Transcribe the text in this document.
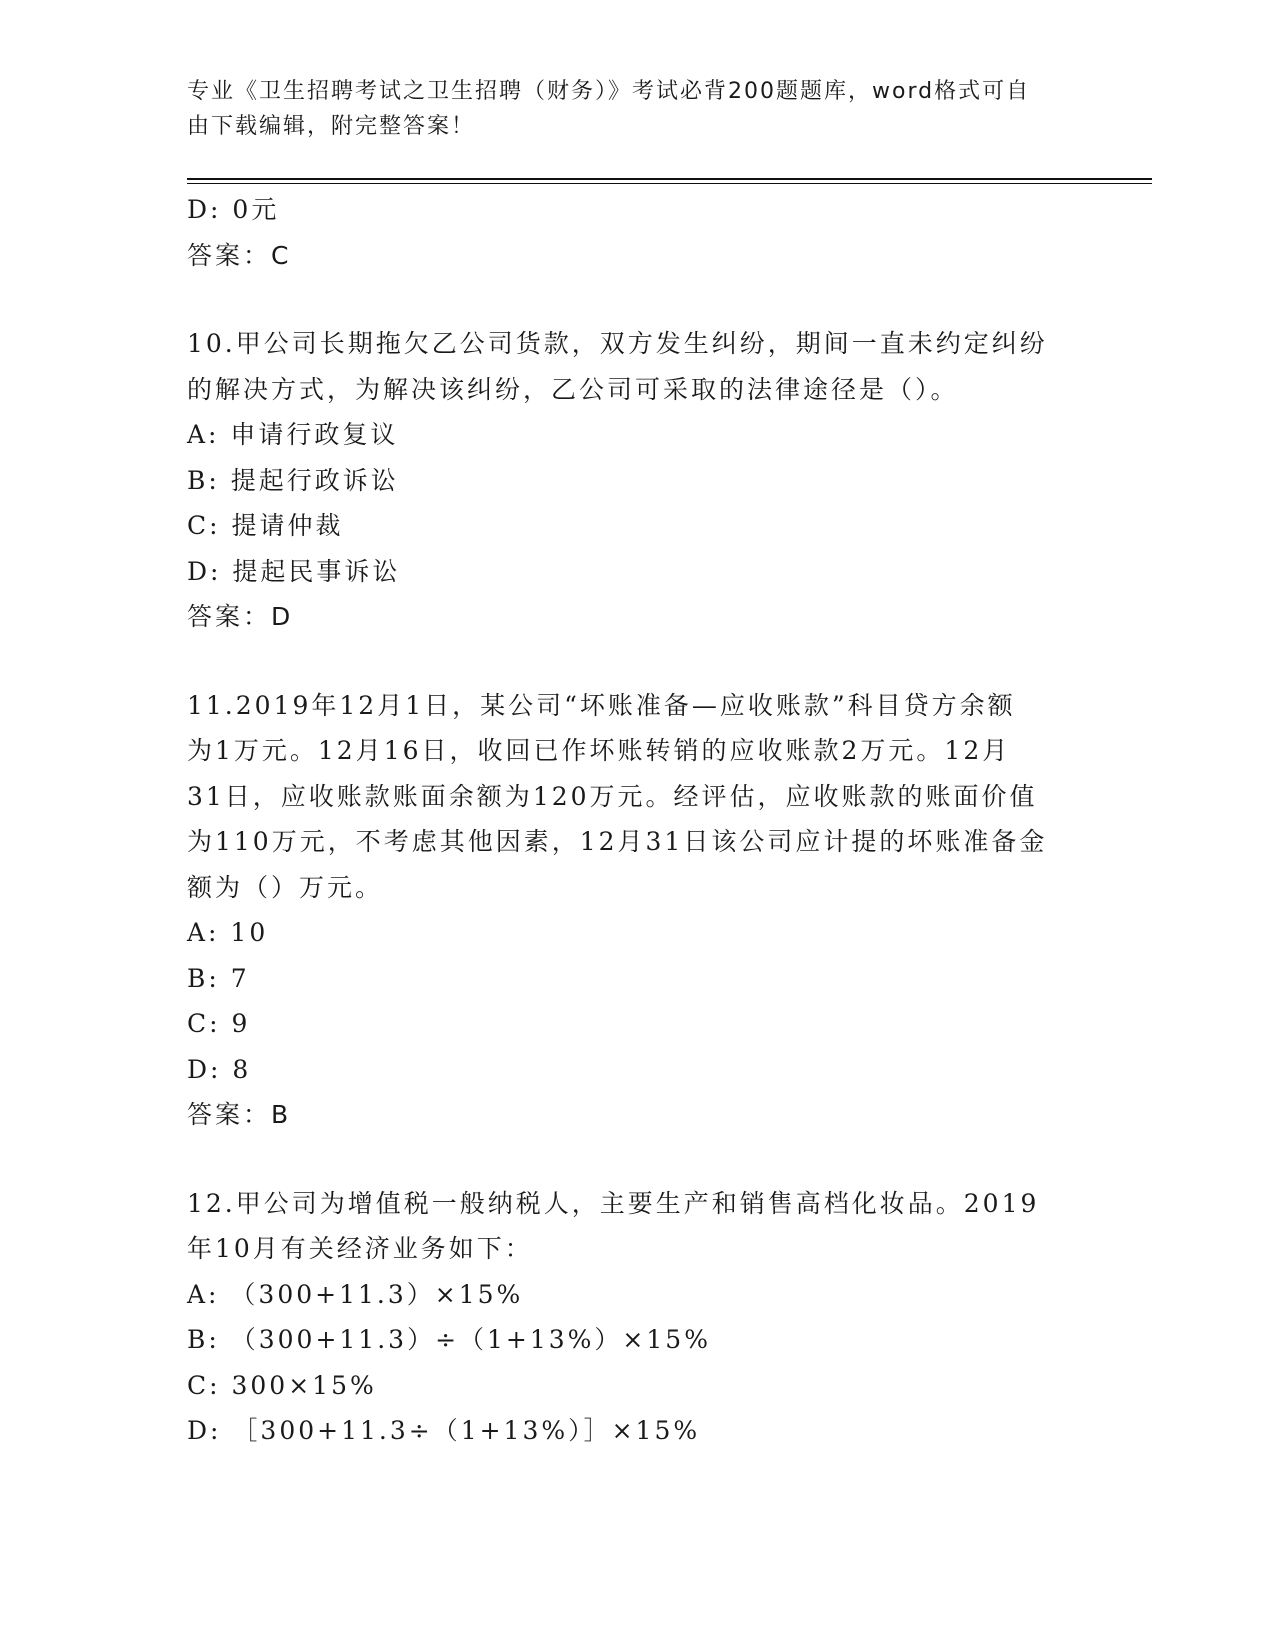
专业《卫生招聘考试之卫生招聘（财务）》考试必背200题题库，word格式可自
由下载编辑，附完整答案！
D: 0元
答案：C
10.甲公司长期拖欠乙公司货款，双方发生纠纷，期间一直未约定纠纷
的解决方式，为解决该纠纷，乙公司可采取的法律途径是（）。
A: 申请行政复议
B: 提起行政诉讼
C: 提请仲裁
D: 提起民事诉讼
答案：D
11.2019年12月1日，某公司“坏账准备—应收账款”科目贷方余额
为1万元。12月16日，收回已作坏账转销的应收账款2万元。12月
31日，应收账款账面余额为120万元。经评估，应收账款的账面价值
为110万元，不考虑其他因素，12月31日该公司应计提的坏账准备金
额为（）万元。
A: 10
B: 7
C: 9
D: 8
答案：B
12.甲公司为增值税一般纳税人，主要生产和销售高档化妆品。2019
年10月有关经济业务如下：
A: （300+11.3）×15%
B: （300+11.3）÷（1+13%）×15%
C: 300×15%
D: ［300+11.3÷（1+13%）］×15%
